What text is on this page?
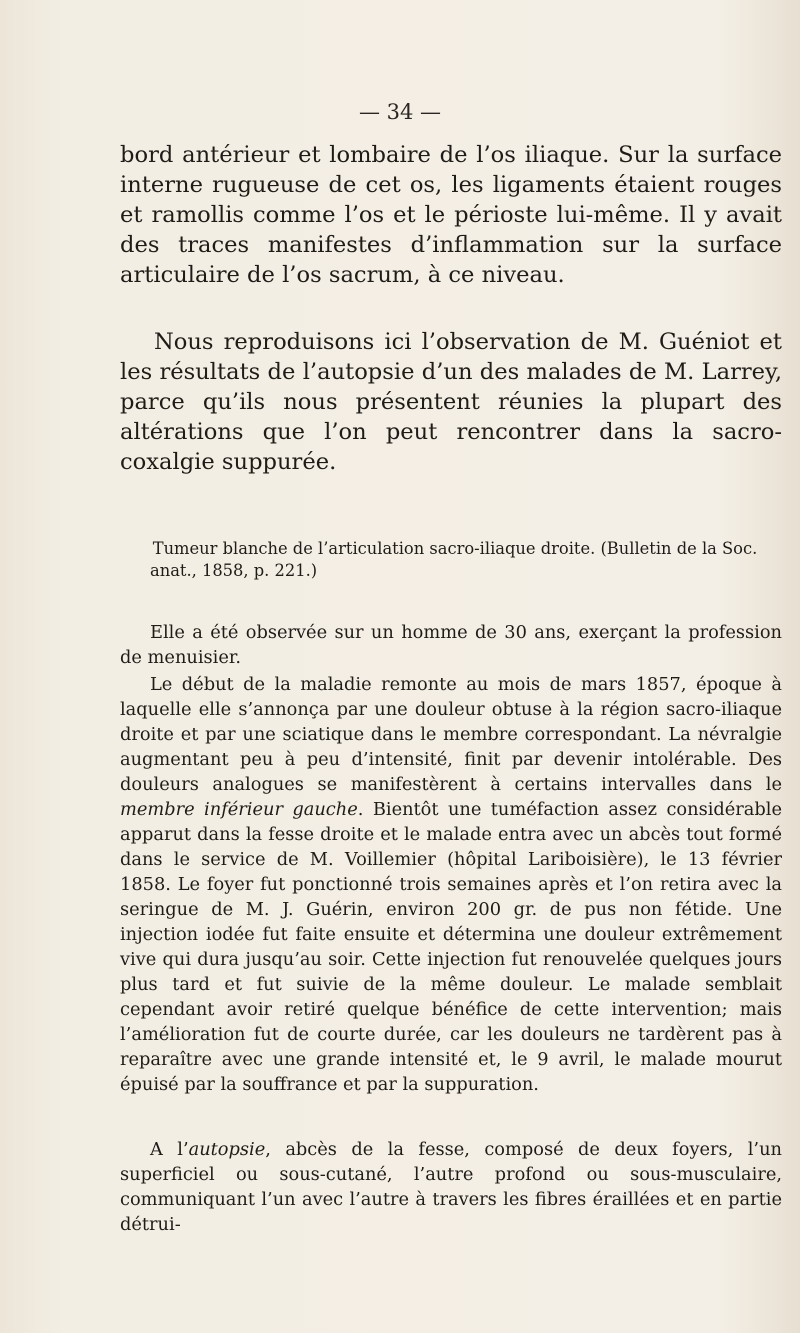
— 34 —

bord antérieur et lombaire de l’os iliaque. Sur la surface interne rugueuse de cet os, les ligaments étaient rouges et ramollis comme l’os et le périoste lui-même. Il y avait des traces manifestes d’inflammation sur la surface articulaire de l’os sacrum, à ce niveau.

Nous reproduisons ici l’observation de M. Guéniot et les résultats de l’autopsie d’un des malades de M. Larrey, parce qu’ils nous présentent réunies la plupart des altérations que l’on peut rencontrer dans la sacro-coxalgie suppurée.

Tumeur blanche de l’articulation sacro-iliaque droite. (Bulletin de la Soc. anat., 1858, p. 221.)

Elle a été observée sur un homme de 30 ans, exerçant la profession de menuisier.

Le début de la maladie remonte au mois de mars 1857, époque à laquelle elle s’annonça par une douleur obtuse à la région sacro-iliaque droite et par une sciatique dans le membre correspondant. La névralgie augmentant peu à peu d’intensité, finit par devenir intolérable. Des douleurs analogues se manifestèrent à certains intervalles dans le membre inférieur gauche. Bientôt une tuméfaction assez considérable apparut dans la fesse droite et le malade entra avec un abcès tout formé dans le service de M. Voillemier (hôpital Lariboisière), le 13 février 1858. Le foyer fut ponctionné trois semaines après et l’on retira avec la seringue de M. J. Guérin, environ 200 gr. de pus non fétide. Une injection iodée fut faite ensuite et détermina une douleur extrêmement vive qui dura jusqu’au soir. Cette injection fut renouvelée quelques jours plus tard et fut suivie de la même douleur. Le malade semblait cependant avoir retiré quelque bénéfice de cette intervention; mais l’amélioration fut de courte durée, car les douleurs ne tardèrent pas à reparaître avec une grande intensité et, le 9 avril, le malade mourut épuisé par la souffrance et par la suppuration.

A l’autopsie, abcès de la fesse, composé de deux foyers, l’un superficiel ou sous-cutané, l’autre profond ou sous-musculaire, communiquant l’un avec l’autre à travers les fibres éraillées et en partie détrui-
